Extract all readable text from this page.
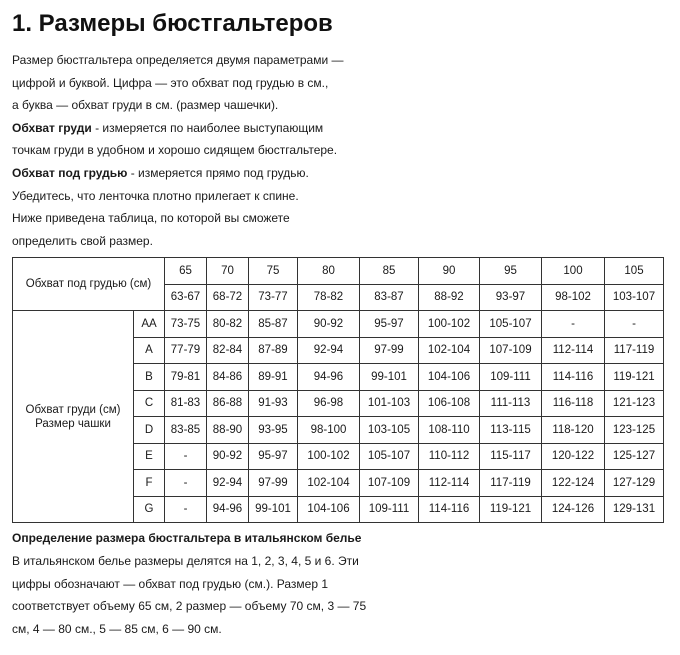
1. Размеры бюстгальтеров
Размер бюстгальтера определяется двумя параметрами —
цифрой и буквой. Цифра — это обхват под грудью в см.,
а буква — обхват груди в см. (размер чашечки).
Обхват груди - измеряется по наиболее выступающим
точкам груди в удобном и хорошо сидящем бюстгальтере.
Обхват под грудью - измеряется прямо под грудью.
Убедитесь, что ленточка плотно прилегает к спине.
Ниже приведена таблица, по которой вы сможете
определить свой размер.
Обхват под грудью (см)		65	70	75	80	85	90	95	100	105
		63-67	68-72	73-77	78-82	83-87	88-92	93-97	98-102	103-107

Обхват груди (см)
Размер чашки	AA	73-75	80-82	85-87	90-92	95-97	100-102	105-107	-	-
	A	77-79	82-84	87-89	92-94	97-99	102-104	107-109	112-114	117-119
	B	79-81	84-86	89-91	94-96	99-101	104-106	109-111	114-116	119-121
	C	81-83	86-88	91-93	96-98	101-103	106-108	111-113	116-118	121-123
	D	83-85	88-90	93-95	98-100	103-105	108-110	113-115	118-120	123-125
	E	-	90-92	95-97	100-102	105-107	110-112	115-117	120-122	125-127
	F	-	92-94	97-99	102-104	107-109	112-114	117-119	122-124	127-129
	G	-	94-96	99-101	104-106	109-111	114-116	119-121	124-126	129-131
Определение размера бюстгальтера в итальянском белье
В итальянском белье размеры делятся на 1, 2, 3, 4, 5 и 6. Эти
цифры обозначают — обхват под грудью (см.). Размер 1
соответствует объему 65 см, 2 размер — объему 70 см, 3 — 75
см, 4 — 80 см., 5 — 85 см, 6 — 90 см.
